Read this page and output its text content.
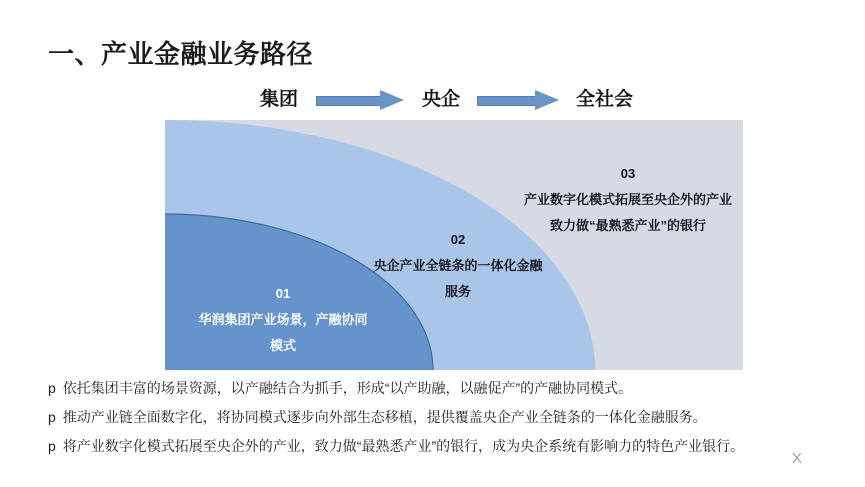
一、产业金融业务路径
集团	央企	全社会
01
华润集团产业场景，产融协同
模式
02
央企产业全链条的一体化金融
服务
03
产业数字化模式拓展至央企外的产业
致力做“最熟悉产业”的银行
p 依托集团丰富的场景资源，以产融结合为抓手，形成“以产助融，以融促产”的产融协同模式。
p 推动产业链全面数字化，将协同模式逐步向外部生态移植，提供覆盖央企产业全链条的一体化金融服务。
p 将产业数字化模式拓展至央企外的产业，致力做“最熟悉产业”的银行，成为央企系统有影响力的特色产业银行。
X
